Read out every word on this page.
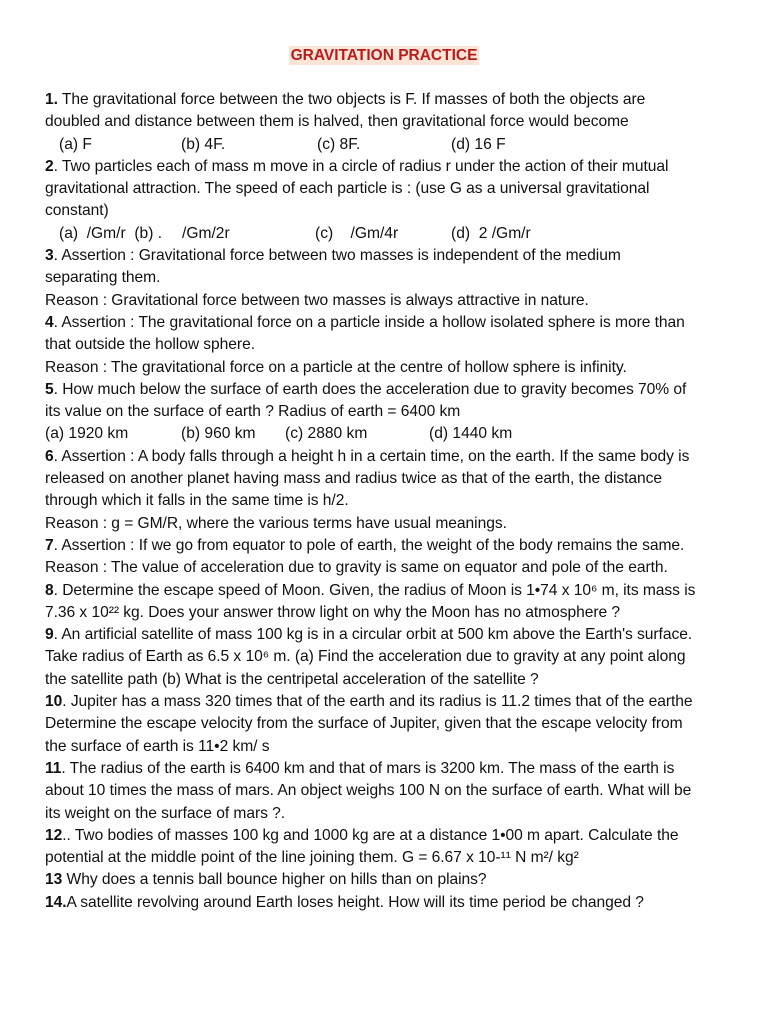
GRAVITATION PRACTICE
1. The gravitational force between the two objects is F. If masses of both the objects are
doubled and distance between them is halved, then gravitational force would become

(a) F

	(b) 4F.

	(c) 8F.

	(d) 16 F

2. Two particles each of mass m move in a circle of radius r under the action of their mutual
gravitational attraction. The speed of each particle is : (use G as a universal gravitational
constant)

(a)  /Gm/r  (b) .

/Gm/2r

	(c)    /Gm/4r

	(d)  2 /Gm/r

3. Assertion : Gravitational force between two masses is independent of the medium
separating them.
Reason : Gravitational force between two masses is always attractive in nature.
4. Assertion : The gravitational force on a particle inside a hollow isolated sphere is more than
that outside the hollow sphere.
Reason : The gravitational force on a particle at the centre of hollow sphere is infinity.
5. How much below the surface of earth does the acceleration due to gravity becomes 70% of
its value on the surface of earth ? Radius of earth = 6400 km

(a) 1920 km

	(b) 960 km

(c) 2880 km

	(d) 1440 km

6. Assertion : A body falls through a height h in a certain time, on the earth. If the same body is
released on another planet having mass and radius twice as that of the earth, the distance
through which it falls in the same time is h/2.
Reason : g = GM/R, where the various terms have usual meanings.
7. Assertion : If we go from equator to pole of earth, the weight of the body remains the same.
Reason : The value of acceleration due to gravity is same on equator and pole of the earth.
8. Determine the escape speed of Moon. Given, the radius of Moon is 1•74 x 10⁶ m, its mass is
7.36 x 10²² kg. Does your answer throw light on why the Moon has no atmosphere ?
9. An artificial satellite of mass 100 kg is in a circular orbit at 500 km above the Earth's surface.
Take radius of Earth as 6.5 x 10⁶ m. (a) Find the acceleration due to gravity at any point along
the satellite path (b) What is the centripetal acceleration of the satellite ?
10. Jupiter has a mass 320 times that of the earth and its radius is 11.2 times that of the earthe
Determine the escape velocity from the surface of Jupiter, given that the escape velocity from
the surface of earth is 11•2 km/ s
11. The radius of the earth is 6400 km and that of mars is 3200 km. The mass of the earth is
about 10 times the mass of mars. An object weighs 100 N on the surface of earth. What will be
its weight on the surface of mars ?.
12.. Two bodies of masses 100 kg and 1000 kg are at a distance 1•00 m apart. Calculate the
potential at the middle point of the line joining them. G = 6.67 x 10-¹¹ N m²/ kg²
13 Why does a tennis ball bounce higher on hills than on plains?
14.A satellite revolving around Earth loses height. How will its time period be changed ?
